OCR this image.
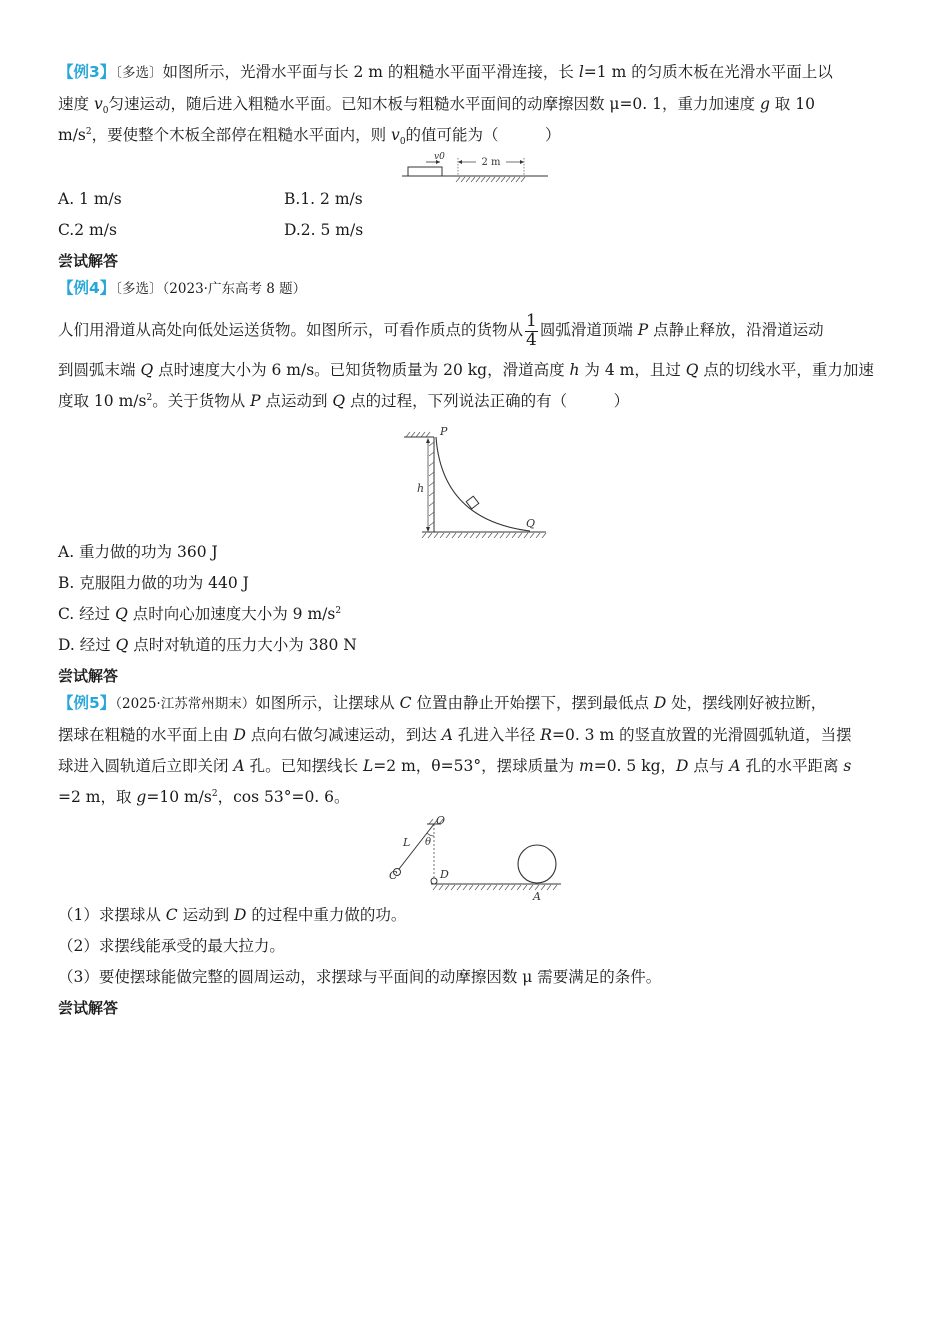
【例3】〔多选〕如图所示，光滑水平面与长 2 m 的粗糙水平面平滑连接，长 l=1 m 的匀质木板在光滑水平面上以
速度 $v_0$匀速运动，随后进入粗糙水平面。已知木板与粗糙水平面间的动摩擦因数 μ=0. 1，重力加速度 g 取 10
$m/s^2$，要使整个木板全部停在粗糙水平面内，则 $v_0$的值可能为（　　　）
v0	2 m
A. 1 m/s	B.1. 2 m/s
C.2 m/s	D.2. 5 m/s
尝试解答
【例4】〔多选〕（2023·广东高考 8 题）
人们用滑道从高处向低处运送货物。如图所示，可看作质点的货物从 $\frac{1}{4}$ 圆弧滑道顶端 P 点静止释放，沿滑道运动
到圆弧末端 Q 点时速度大小为 6 m/s。已知货物质量为 20 kg，滑道高度 h 为 4 m，且过 Q 点的切线水平，重力加速
度取 10 $m/s^2$。关于货物从 P 点运动到 Q 点的过程，下列说法正确的有（　　　）
h
P
Q
A. 重力做的功为 360 J
B. 克服阻力做的功为 440 J
C. 经过 Q 点时向心加速度大小为 9 $m/s^2$
D. 经过 Q 点时对轨道的压力大小为 380 N
尝试解答
【例5】（2025·江苏常州期末）如图所示，让摆球从 C 位置由静止开始摆下，摆到最低点 D 处，摆线刚好被拉断，
摆球在粗糙的水平面上由 D 点向右做匀减速运动，到达 A 孔进入半径 R=0. 3 m 的竖直放置的光滑圆弧轨道，当摆
球进入圆轨道后立即关闭 A 孔。已知摆线长 L=2 m，θ=53°，摆球质量为 m=0. 5 kg，D 点与 A 孔的水平距离 s
=2 m，取 g=10 $m/s^2$，cos 53°=0. 6。
O
θ
L
C	D
A
（1）求摆球从 C 运动到 D 的过程中重力做的功。
（2）求摆线能承受的最大拉力。
（3）要使摆球能做完整的圆周运动，求摆球与平面间的动摩擦因数 μ 需要满足的条件。
尝试解答
